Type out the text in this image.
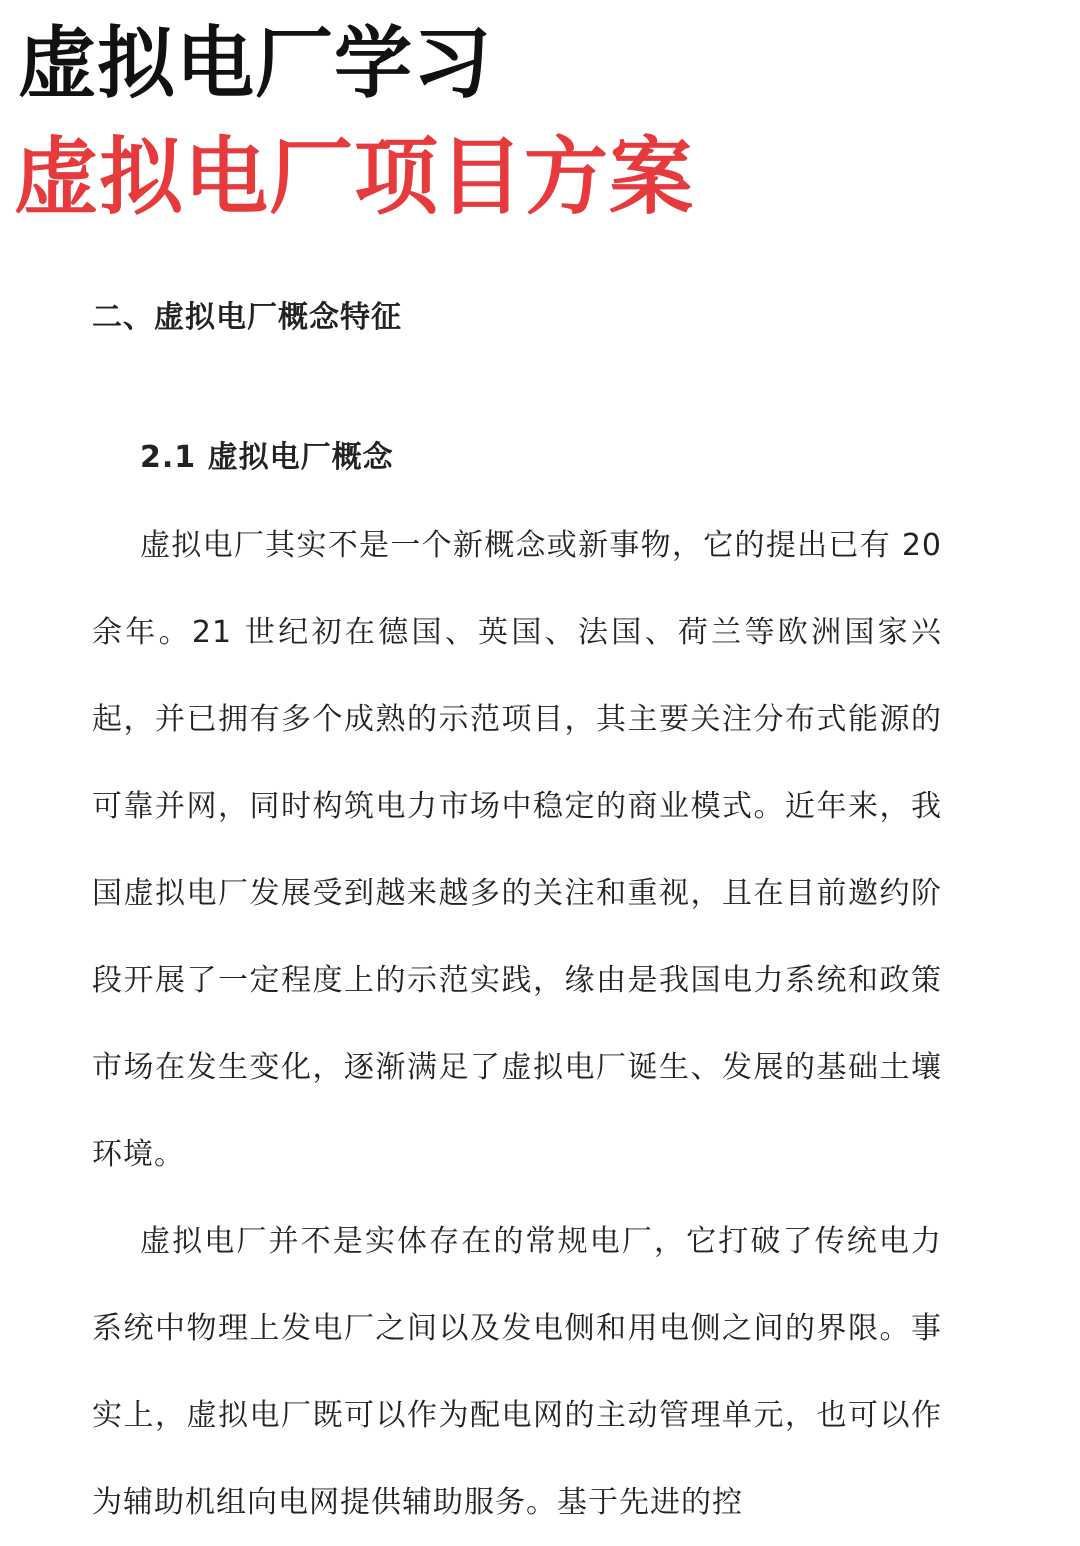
虚拟电厂学习
虚拟电厂项目方案
二、虚拟电厂概念特征
2.1 虚拟电厂概念

虚拟电厂其实不是一个新概念或新事物，它的提出已有 20 余年。21 世纪初在德国、英国、法国、荷兰等欧洲国家兴起，并已拥有多个成熟的示范项目，其主要关注分布式能源的可靠并网，同时构筑电力市场中稳定的商业模式。近年来，我国虚拟电厂发展受到越来越多的关注和重视，且在目前邀约阶段开展了一定程度上的示范实践，缘由是我国电力系统和政策市场在发生变化，逐渐满足了虚拟电厂诞生、发展的基础土壤环境。

虚拟电厂并不是实体存在的常规电厂，它打破了传统电力系统中物理上发电厂之间以及发电侧和用电侧之间的界限。事实上，虚拟电厂既可以作为配电网的主动管理单元，也可以作为辅助机组向电网提供辅助服务。基于先进的控
